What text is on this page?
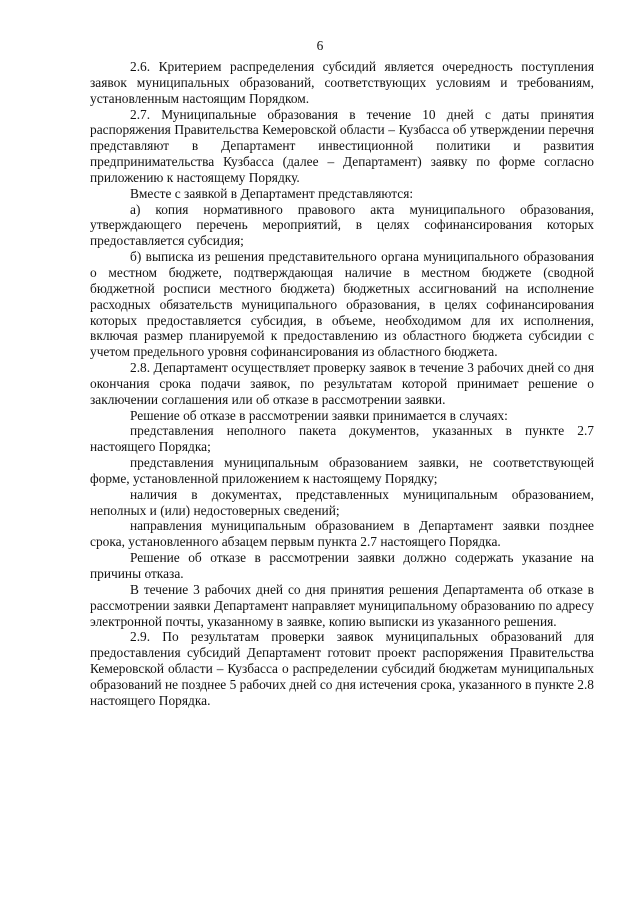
6

2.6. Критерием распределения субсидий является очередность поступления заявок муниципальных образований, соответствующих условиям и требованиям, установленным настоящим Порядком.

2.7. Муниципальные образования в течение 10 дней с даты принятия распоряжения Правительства Кемеровской области – Кузбасса об утверждении перечня представляют в Департамент инвестиционной политики и развития предпринимательства Кузбасса (далее – Департамент) заявку по форме согласно приложению к настоящему Порядку.

Вместе с заявкой в Департамент представляются:

а) копия нормативного правового акта муниципального образования, утверждающего перечень мероприятий, в целях софинансирования которых предоставляется субсидия;

б) выписка из решения представительного органа муниципального образования о местном бюджете, подтверждающая наличие в местном бюджете (сводной бюджетной росписи местного бюджета) бюджетных ассигнований на исполнение расходных обязательств муниципального образования, в целях софинансирования которых предоставляется субсидия, в объеме, необходимом для их исполнения, включая размер планируемой к предоставлению из областного бюджета субсидии с учетом предельного уровня софинансирования из областного бюджета.

2.8. Департамент осуществляет проверку заявок в течение 3 рабочих дней со дня окончания срока подачи заявок, по результатам которой принимает решение о заключении соглашения или об отказе в рассмотрении заявки.

Решение об отказе в рассмотрении заявки принимается в случаях:

представления неполного пакета документов, указанных в пункте 2.7 настоящего Порядка;

представления муниципальным образованием заявки, не соответствующей форме, установленной приложением к настоящему Порядку;

наличия в документах, представленных муниципальным образованием, неполных и (или) недостоверных сведений;

направления муниципальным образованием в Департамент заявки позднее срока, установленного абзацем первым пункта 2.7 настоящего Порядка.

Решение об отказе в рассмотрении заявки должно содержать указание на причины отказа.

В течение 3 рабочих дней со дня принятия решения Департамента об отказе в рассмотрении заявки Департамент направляет муниципальному образованию по адресу электронной почты, указанному в заявке, копию выписки из указанного решения.

2.9. По результатам проверки заявок муниципальных образований для предоставления субсидий Департамент готовит проект распоряжения Правительства Кемеровской области – Кузбасса о распределении субсидий бюджетам муниципальных образований не позднее 5 рабочих дней со дня истечения срока, указанного в пункте 2.8 настоящего Порядка.
